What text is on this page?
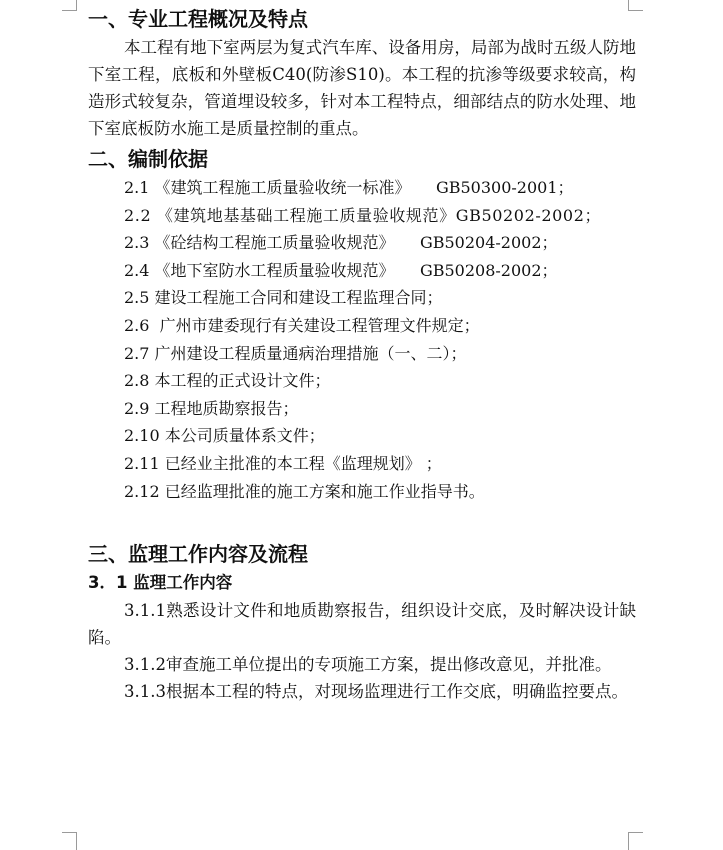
一、专业工程概况及特点

本工程有地下室两层为复式汽车库、设备用房，局部为战时五级人防地下室工程，底板和外壁板C40(防渗S10)。本工程的抗渗等级要求较高，构造形式较复杂，管道埋设较多，针对本工程特点，细部结点的防水处理、地下室底板防水施工是质量控制的重点。

二、编制依据

2.1 《建筑工程施工质量验收统一标准》     GB50300-2001；

2.2 《建筑地基基础工程施工质量验收规范》GB50202-2002；

2.3 《砼结构工程施工质量验收规范》     GB50204-2002；

2.4 《地下室防水工程质量验收规范》     GB50208-2002；

2.5 建设工程施工合同和建设工程监理合同；

2.6  广州市建委现行有关建设工程管理文件规定；

2.7 广州建设工程质量通病治理措施（一、二）；

2.8 本工程的正式设计文件；

2.9 工程地质勘察报告；

2.10 本公司质量体系文件；

2.11 已经业主批准的本工程《监理规划》 ；

2.12 已经监理批准的施工方案和施工作业指导书。

三、监理工作内容及流程
3．1 监理工作内容

3.1.1熟悉设计文件和地质勘察报告，组织设计交底，及时解决设计缺陷。

3.1.2审查施工单位提出的专项施工方案，提出修改意见，并批准。

3.1.3根据本工程的特点，对现场监理进行工作交底，明确监控要点。
